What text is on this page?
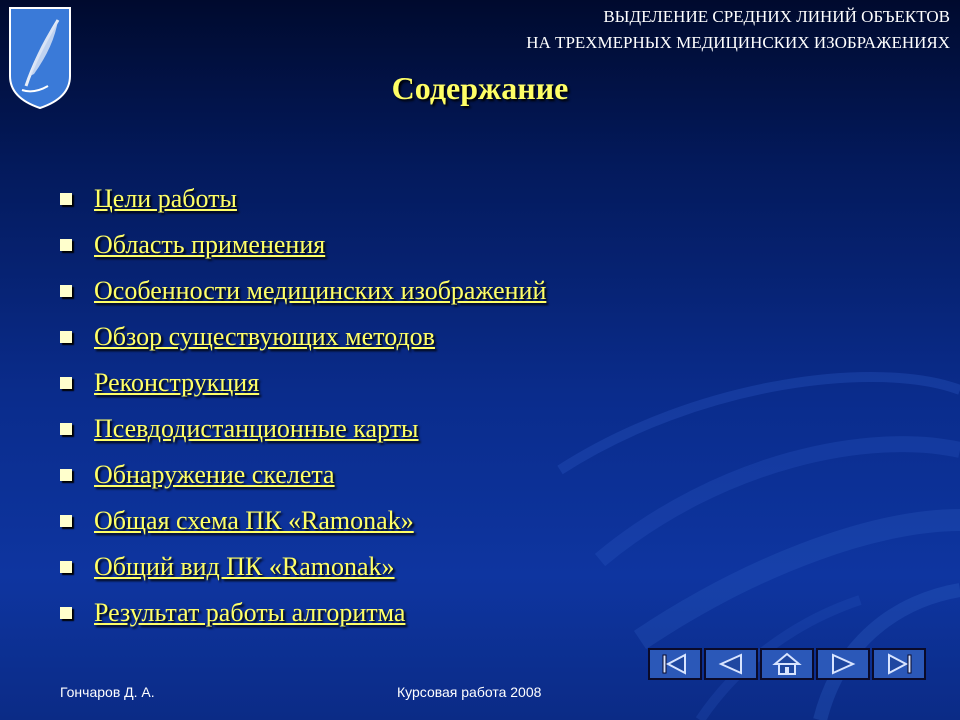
ВЫДЕЛЕНИЕ СРЕДНИХ ЛИНИЙ ОБЪЕКТОВ
НА ТРЕХМЕРНЫХ МЕДИЦИНСКИХ ИЗОБРАЖЕНИЯХ
Содержание
Цели работы
Область применения
Особенности медицинских изображений
Обзор существующих методов
Реконструкция
Псевдодистанционные карты
Обнаружение скелета
Общая схема ПК «Ramonak»
Общий вид ПК «Ramonak»
Результат работы алгоритма
Гончаров Д. А.	Курсовая работа 2008
